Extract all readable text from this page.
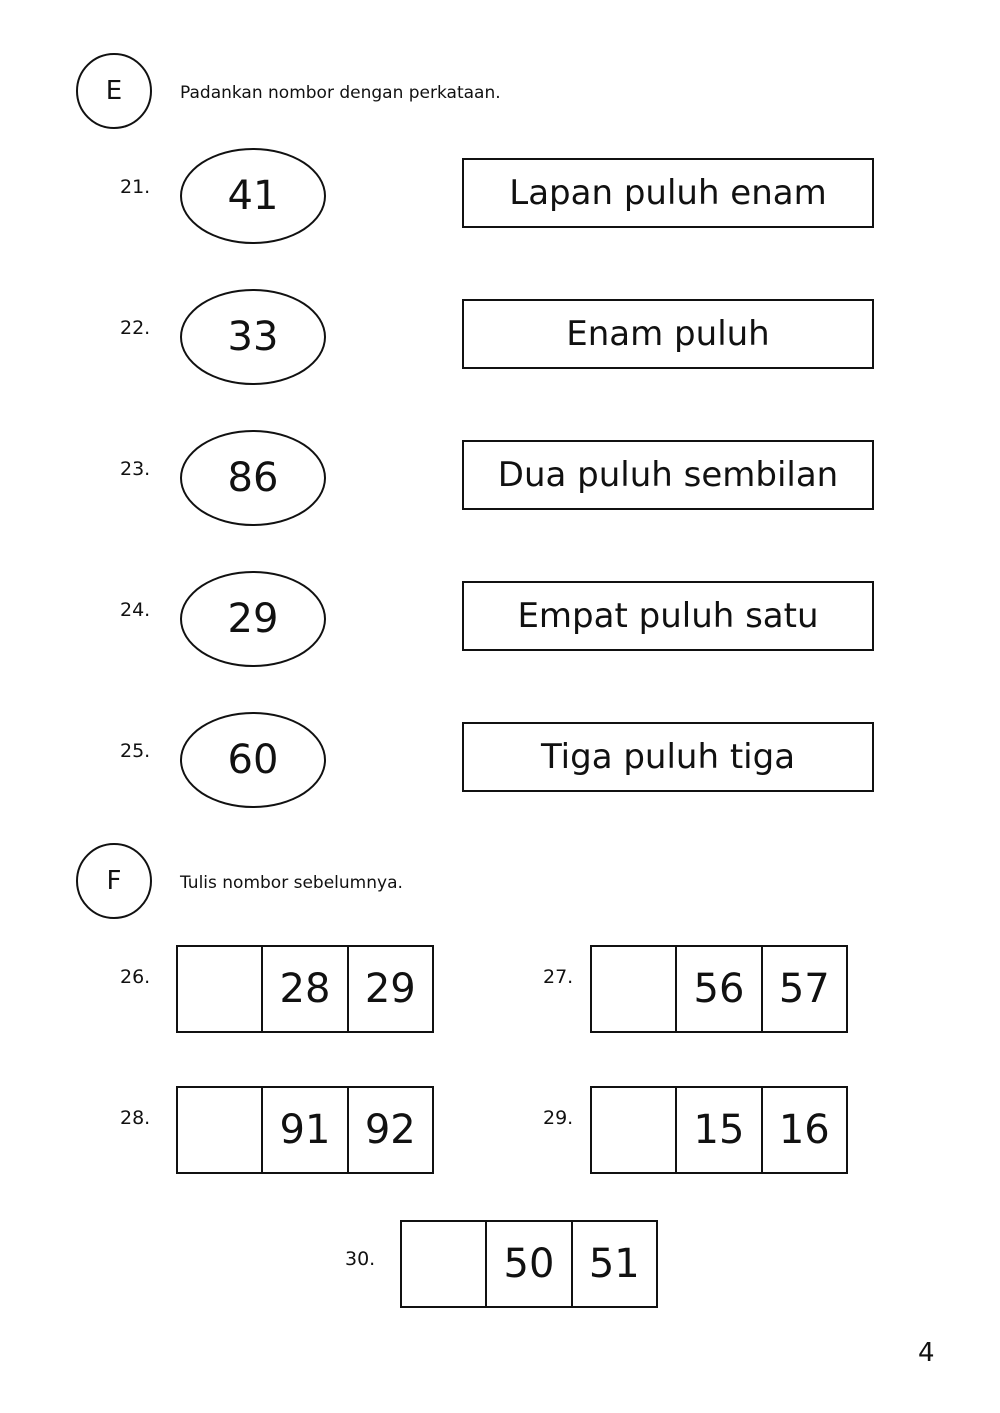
E	Padankan nombor dengan perkataan.
21. 41	Lapan puluh enam
22. 33	Enam puluh
23. 86	Dua puluh sembilan
24. 29	Empat puluh satu
25. 60	Tiga puluh tiga
F	Tulis nombor sebelumnya.
26.	28 29	27.	56 57
28.	91 92	29.	15 16
30.	50 51
4
